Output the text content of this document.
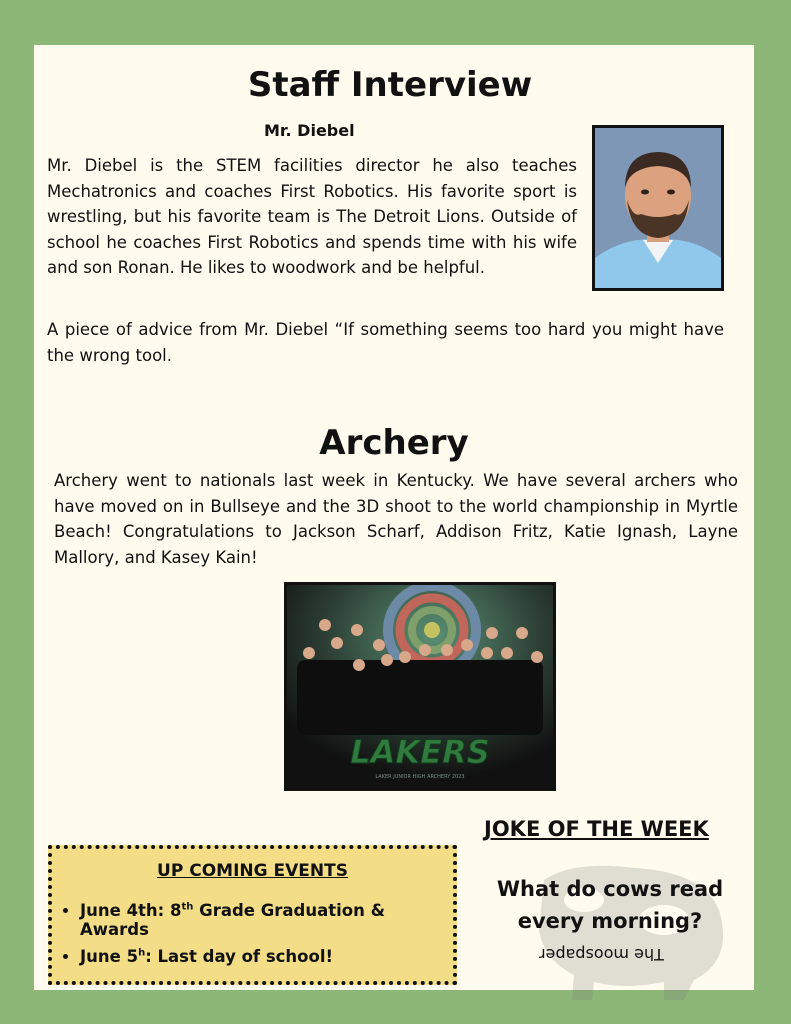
Staff Interview
Mr. Diebel
Mr. Diebel is the STEM facilities director he also teaches Mechatronics and coaches First Robotics. His favorite sport is wrestling, but his favorite team is The Detroit Lions. Outside of school he coaches First Robotics and spends time with his wife and son Ronan. He likes to woodwork and be helpful.
A piece of advice from Mr. Diebel “If something seems too hard you might have the wrong tool.
Archery
Archery went to nationals last week in Kentucky. We have several archers who have moved on in Bullseye and the 3D shoot to the world championship in Myrtle Beach! Congratulations to Jackson Scharf, Addison Fritz, Katie Ignash, Layne Mallory, and Kasey Kain!
LAKERS
LAKER JUNIOR HIGH ARCHERY 2023
UP COMING EVENTS
• June 4th: 8th Grade Graduation & Awards
• June 5$^h$: Last day of school!
JOKE OF THE WEEK
What do cows read every morning?
The moospaper
